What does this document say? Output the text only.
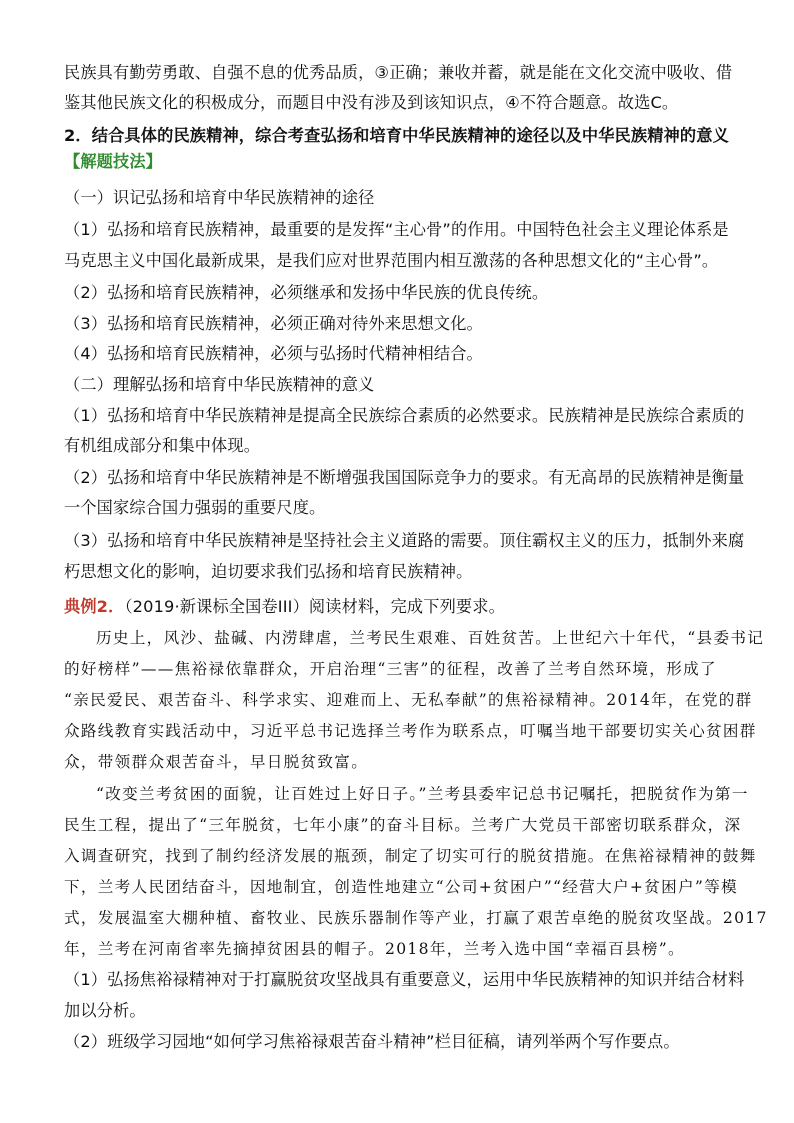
民族具有勤劳勇敢、自强不息的优秀品质，③正确；兼收并蓄，就是能在文化交流中吸收、借
鉴其他民族文化的积极成分，而题目中没有涉及到该知识点，④不符合题意。故选C。
2．结合具体的民族精神，综合考查弘扬和培育中华民族精神的途径以及中华民族精神的意义
【解题技法】
（一）识记弘扬和培育中华民族精神的途径
（1）弘扬和培育民族精神，最重要的是发挥“主心骨”的作用。中国特色社会主义理论体系是
马克思主义中国化最新成果，是我们应对世界范围内相互激荡的各种思想文化的“主心骨”。
（2）弘扬和培育民族精神，必须继承和发扬中华民族的优良传统。
（3）弘扬和培育民族精神，必须正确对待外来思想文化。
（4）弘扬和培育民族精神，必须与弘扬时代精神相结合。
（二）理解弘扬和培育中华民族精神的意义
（1）弘扬和培育中华民族精神是提高全民族综合素质的必然要求。民族精神是民族综合素质的
有机组成部分和集中体现。
（2）弘扬和培育中华民族精神是不断增强我国国际竞争力的要求。有无高昂的民族精神是衡量
一个国家综合国力强弱的重要尺度。
（3）弘扬和培育中华民族精神是坚持社会主义道路的需要。顶住霸权主义的压力，抵制外来腐
朽思想文化的影响，迫切要求我们弘扬和培育民族精神。
典例2．（2019·新课标全国卷III）阅读材料，完成下列要求。
历史上，风沙、盐碱、内涝肆虐，兰考民生艰难、百姓贫苦。上世纪六十年代，“县委书记
的好榜样”——焦裕禄依靠群众，开启治理“三害”的征程，改善了兰考自然环境，形成了
“亲民爱民、艰苦奋斗、科学求实、迎难而上、无私奉献”的焦裕禄精神。2014年，在党的群
众路线教育实践活动中，习近平总书记选择兰考作为联系点，叮嘱当地干部要切实关心贫困群
众，带领群众艰苦奋斗，早日脱贫致富。
“改变兰考贫困的面貌，让百姓过上好日子。”兰考县委牢记总书记嘱托，把脱贫作为第一
民生工程，提出了“三年脱贫，七年小康”的奋斗目标。兰考广大党员干部密切联系群众，深
入调查研究，找到了制约经济发展的瓶颈，制定了切实可行的脱贫措施。在焦裕禄精神的鼓舞
下，兰考人民团结奋斗，因地制宜，创造性地建立“公司+贫困户”“经营大户+贫困户”等模
式，发展温室大棚种植、畜牧业、民族乐器制作等产业，打赢了艰苦卓绝的脱贫攻坚战。2017
年，兰考在河南省率先摘掉贫困县的帽子。2018年，兰考入选中国“幸福百县榜”。
（1）弘扬焦裕禄精神对于打赢脱贫攻坚战具有重要意义，运用中华民族精神的知识并结合材料
加以分析。
（2）班级学习园地“如何学习焦裕禄艰苦奋斗精神”栏目征稿，请列举两个写作要点。
